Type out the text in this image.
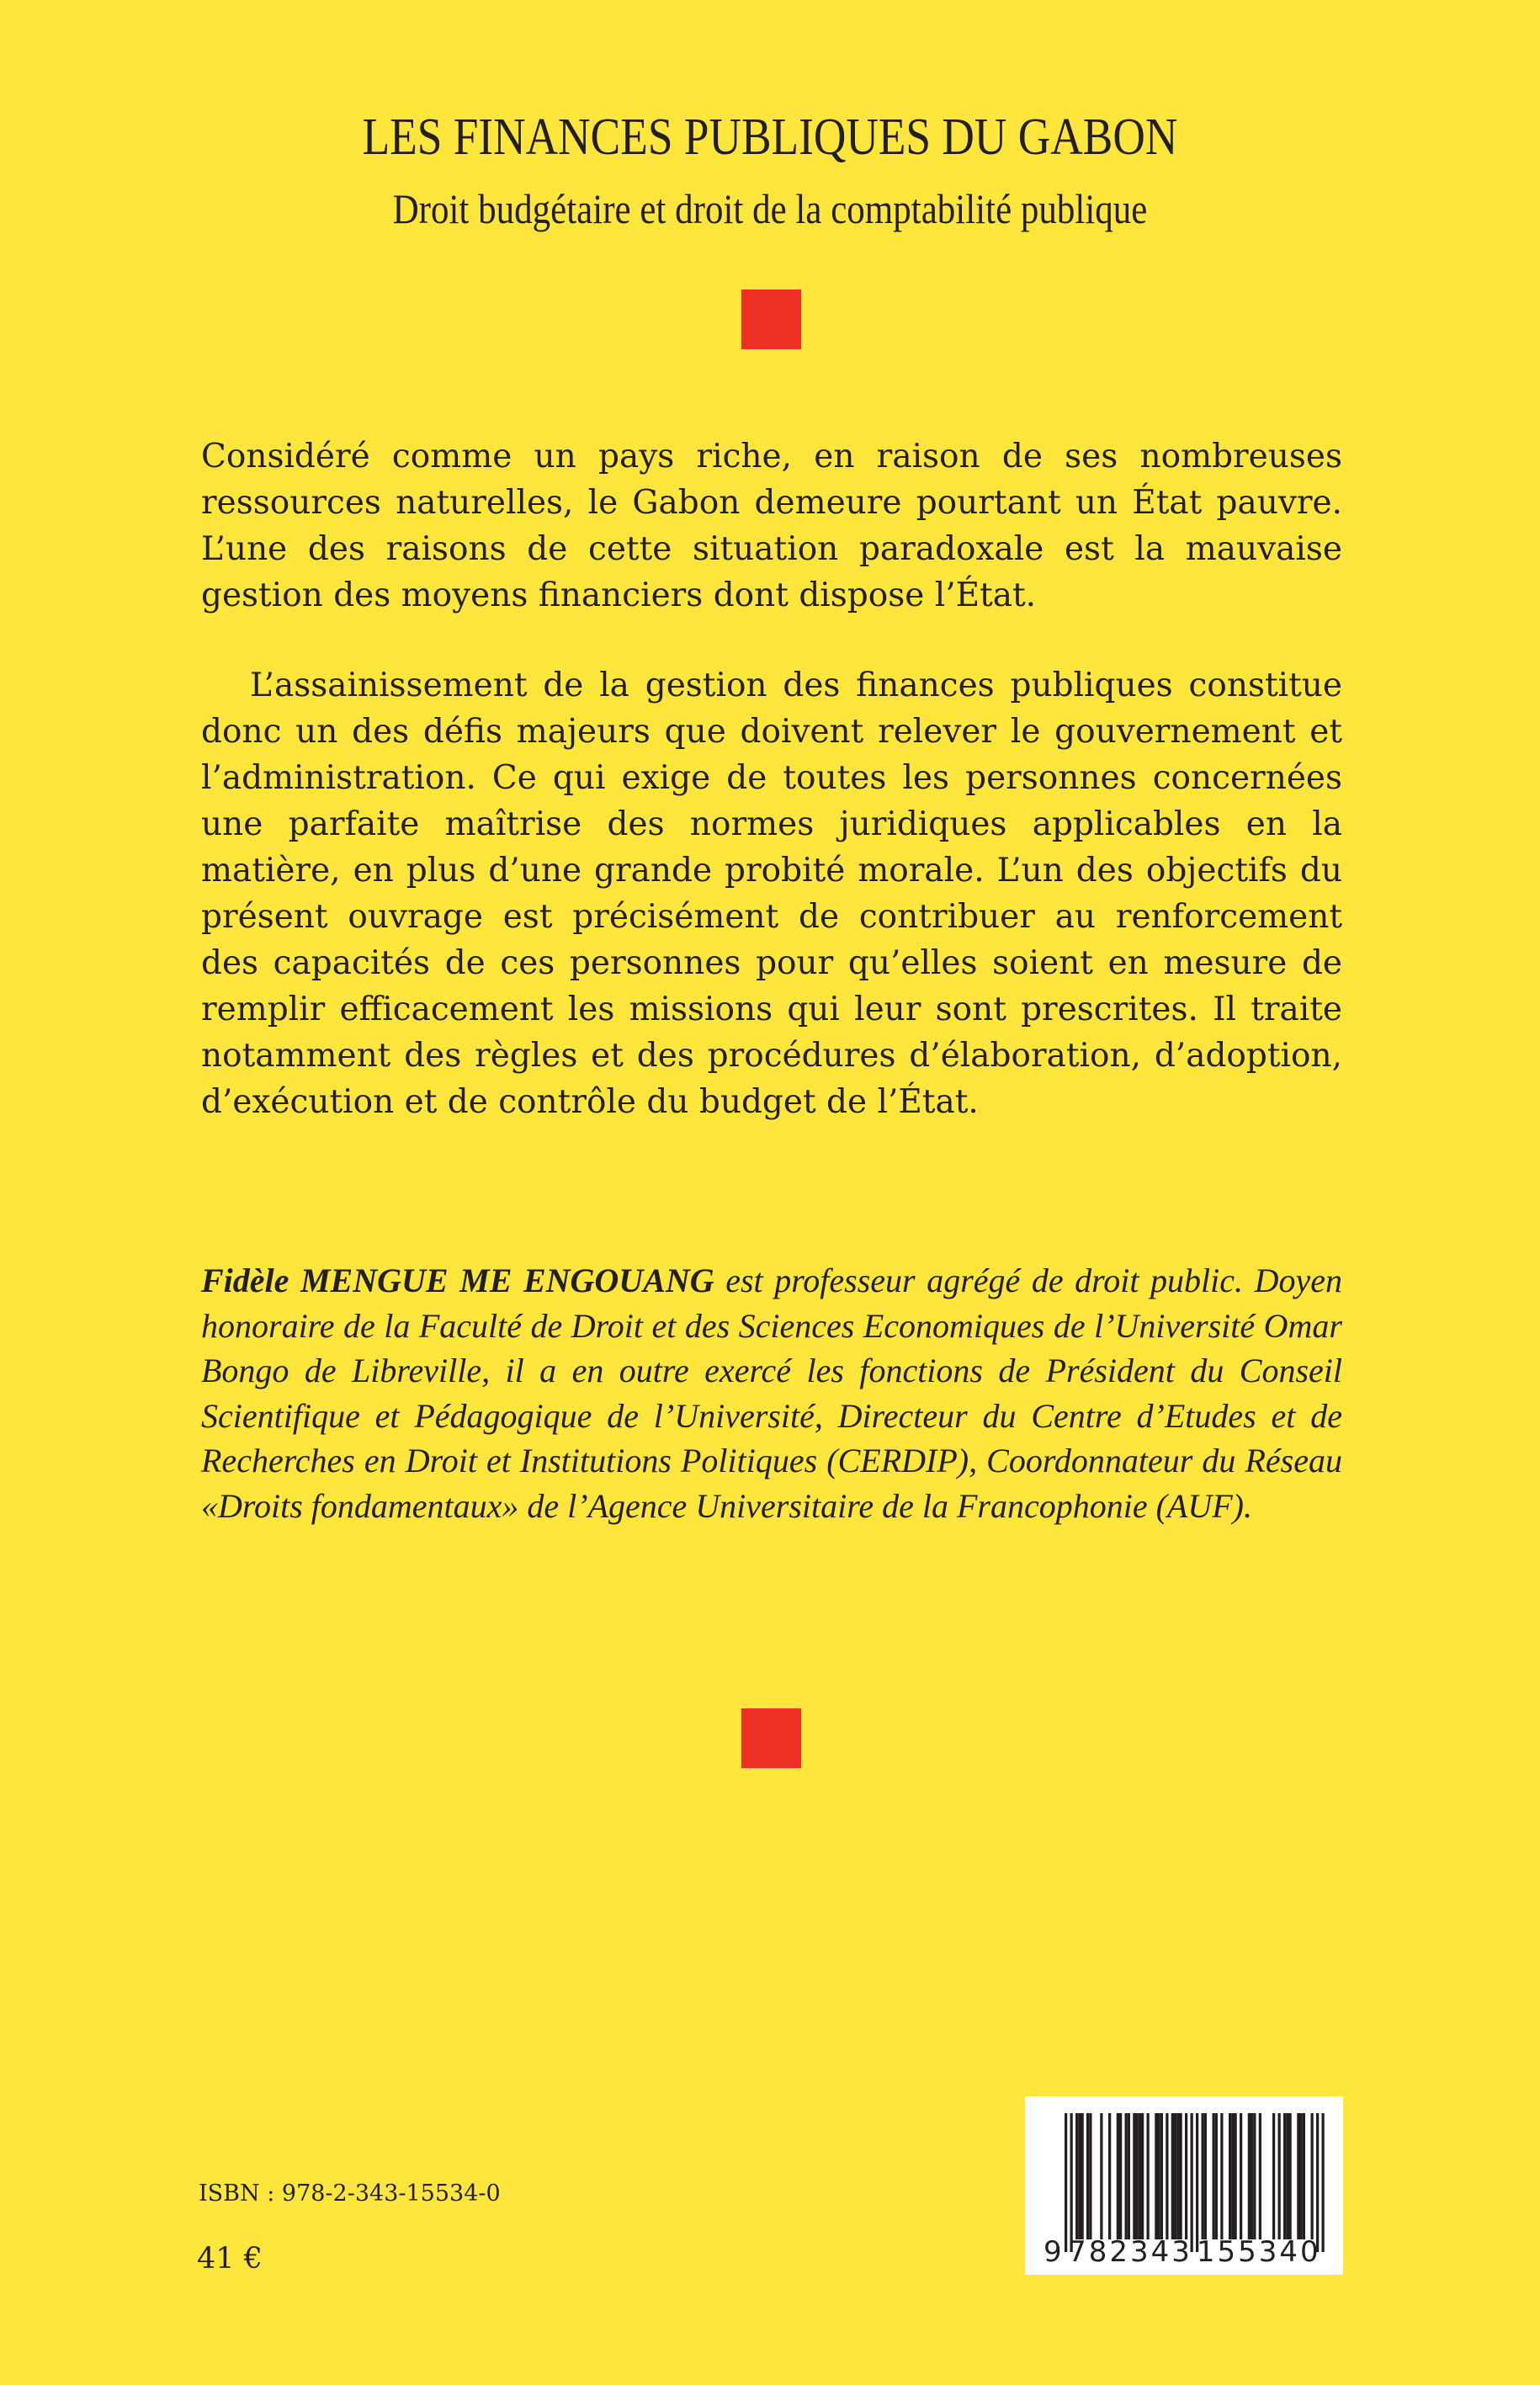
LES FINANCES PUBLIQUES DU GABON
Droit budgétaire et droit de la comptabilité publique

Considéré comme un pays riche, en raison de ses nombreuses ressources naturelles, le Gabon demeure pourtant un État pauvre. L’une des raisons de cette situation paradoxale est la mauvaise gestion des moyens financiers dont dispose l’État.

L’assainissement de la gestion des finances publiques constitue donc un des défis majeurs que doivent relever le gouvernement et l’administration. Ce qui exige de toutes les personnes concernées une parfaite maîtrise des normes juridiques applicables en la matière, en plus d’une grande probité morale. L’un des objectifs du présent ouvrage est précisément de contribuer au renforcement des capacités de ces personnes pour qu’elles soient en mesure de remplir efficacement les missions qui leur sont prescrites. Il traite notamment des règles et des procédures d’élaboration, d’adoption, d’exécution et de contrôle du budget de l’État.

Fidèle MENGUE ME ENGOUANG est professeur agrégé de droit public. Doyen honoraire de la Faculté de Droit et des Sciences Economiques de l’Université Omar Bongo de Libreville, il a en outre exercé les fonctions de Président du Conseil Scientifique et Pédagogique de l’Université, Directeur du Centre d’Etudes et de Recherches en Droit et Institutions Politiques (CERDIP), Coordonnateur du Réseau «Droits fondamentaux» de l’Agence Universitaire de la Francophonie (AUF).
ISBN : 978-2-343-15534-0
41 €	9 782343 155340
